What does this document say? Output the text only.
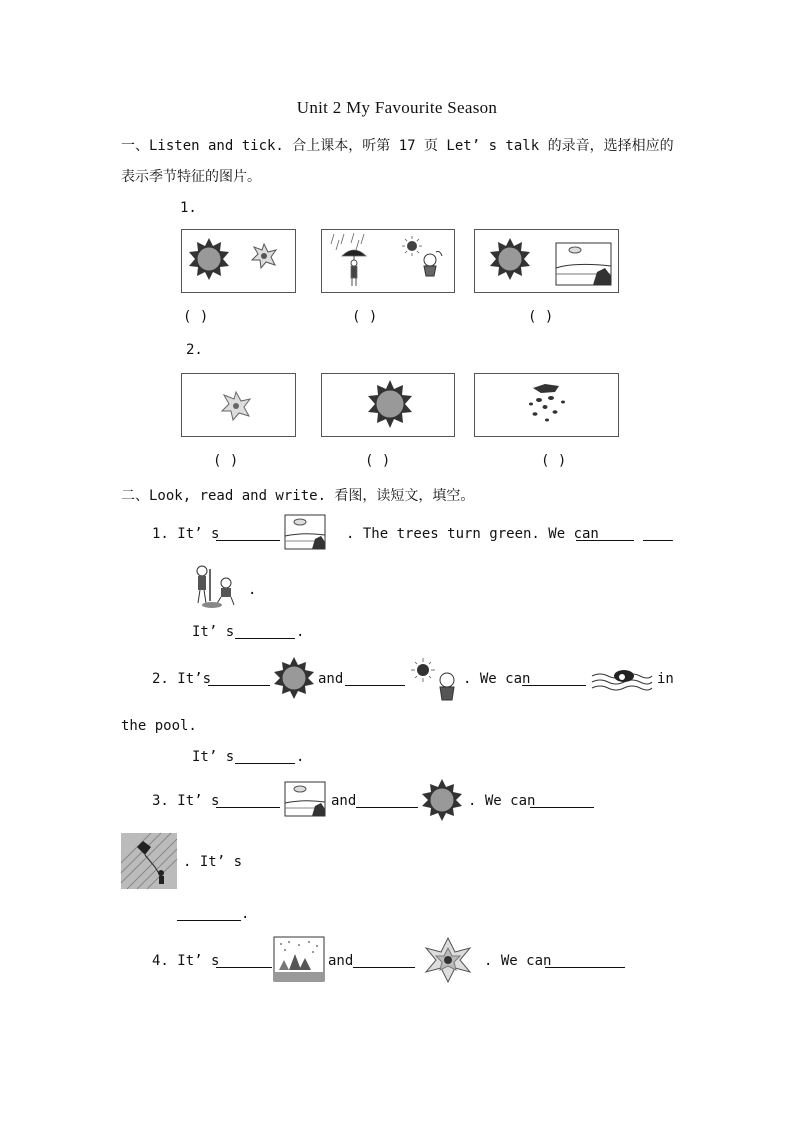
Unit 2 My Favourite Season
一、Listen and tick. 合上课本，听第 17 页 Let’ s talk 的录音，选择相应的
表示季节特征的图片。
1.
( )	( )	( )
2.
( )	( )	( )
二、Look, read and write. 看图，读短文，填空。
1. It’ s	. The trees turn green. We can
.
It’ s	.
2. It’s	and	. We can	in
the pool.
It’ s	.
3. It’ s	and	. We can
. It’ s
.
4. It’ s	and	. We can
